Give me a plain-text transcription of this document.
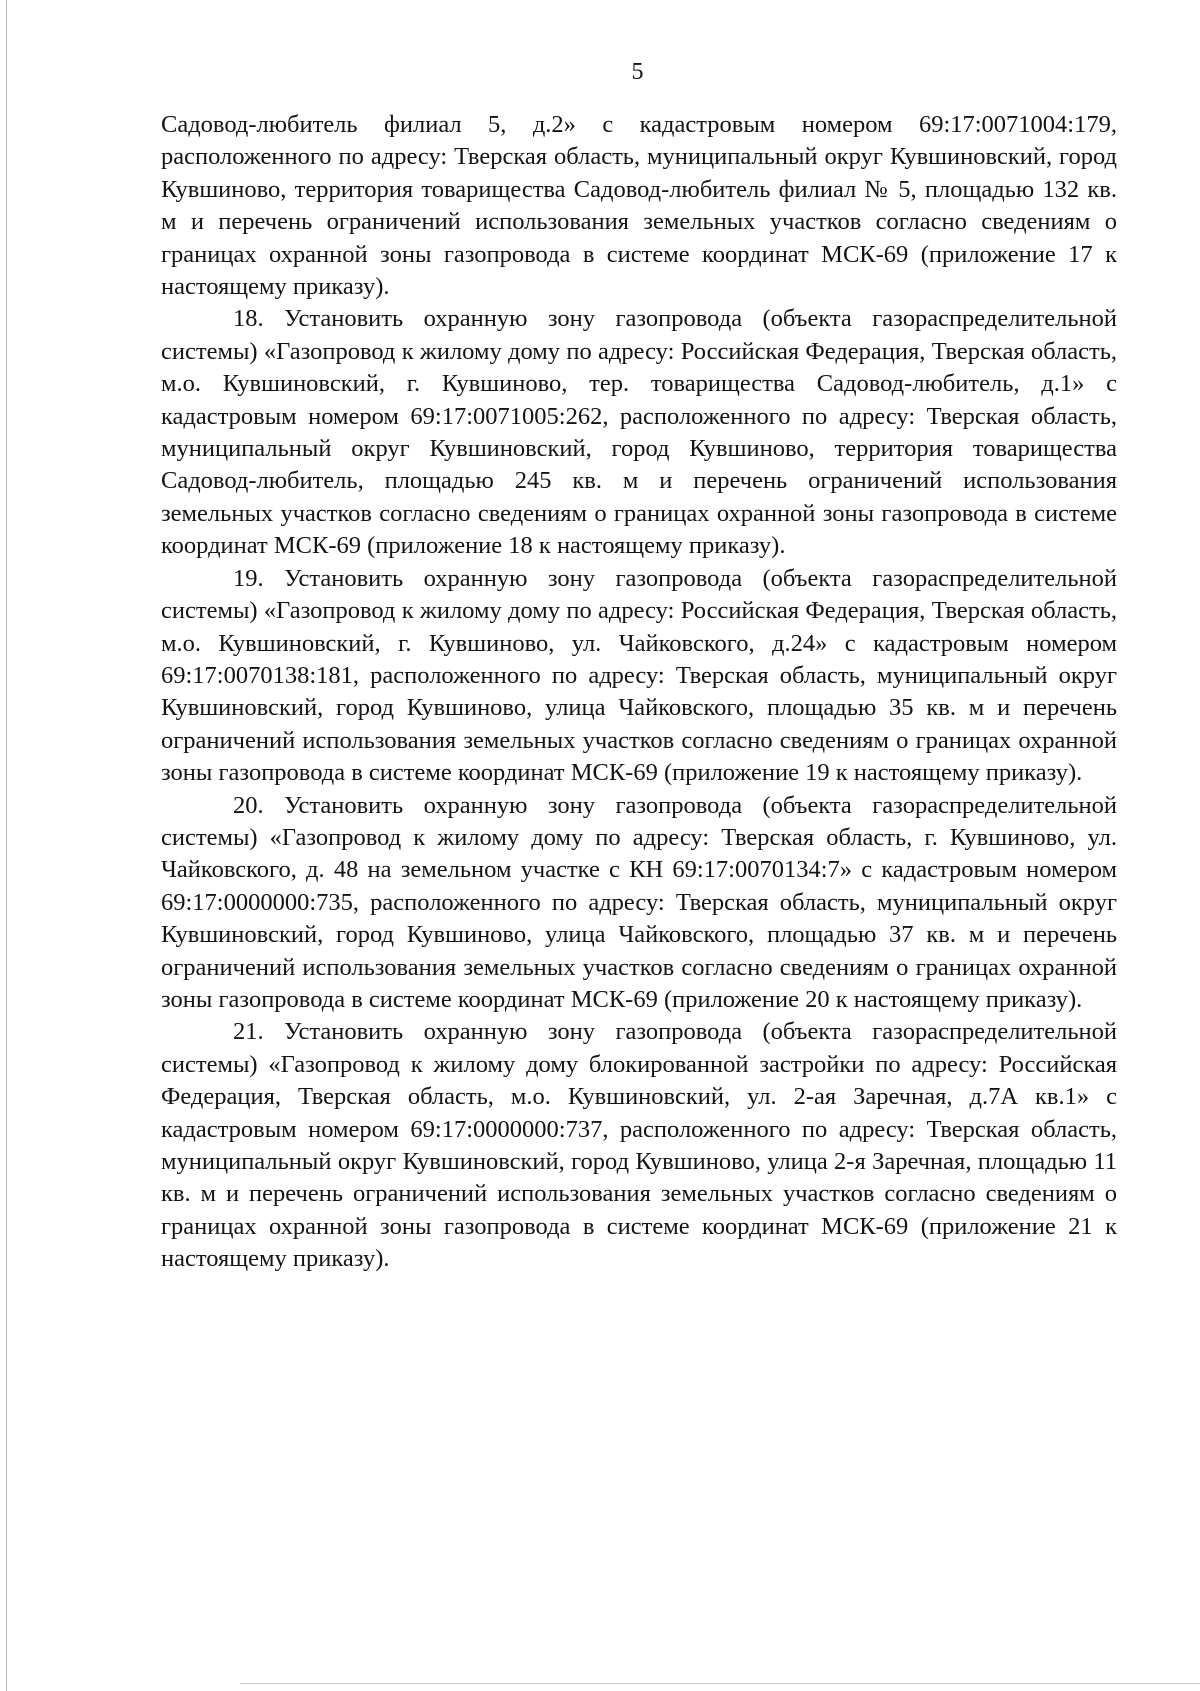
5

Садовод-любитель филиал 5, д.2» с кадастровым номером 69:17:0071004:179, расположенного по адресу: Тверская область, муниципальный округ Кувшиновский, город Кувшиново, территория товарищества Садовод-любитель филиал № 5, площадью 132 кв. м и перечень ограничений использования земельных участков согласно сведениям о границах охранной зоны газопровода в системе координат МСК-69 (приложение 17 к настоящему приказу).

18. Установить охранную зону газопровода (объекта газораспределительной системы) «Газопровод к жилому дому по адресу: Российская Федерация, Тверская область, м.о. Кувшиновский, г. Кувшиново, тер. товарищества Садовод-любитель, д.1» с кадастровым номером 69:17:0071005:262, расположенного по адресу: Тверская область, муниципальный округ Кувшиновский, город Кувшиново, территория товарищества Садовод-любитель, площадью 245 кв. м и перечень ограничений использования земельных участков согласно сведениям о границах охранной зоны газопровода в системе координат МСК-69 (приложение 18 к настоящему приказу).

19. Установить охранную зону газопровода (объекта газораспределительной системы) «Газопровод к жилому дому по адресу: Российская Федерация, Тверская область, м.о. Кувшиновский, г. Кувшиново, ул. Чайковского, д.24» с кадастровым номером 69:17:0070138:181, расположенного по адресу: Тверская область, муниципальный округ Кувшиновский, город Кувшиново, улица Чайковского, площадью 35 кв. м и перечень ограничений использования земельных участков согласно сведениям о границах охранной зоны газопровода в системе координат МСК-69 (приложение 19 к настоящему приказу).

20. Установить охранную зону газопровода (объекта газораспределительной системы) «Газопровод к жилому дому по адресу: Тверская область, г. Кувшиново, ул. Чайковского, д. 48 на земельном участке с КН 69:17:0070134:7» с кадастровым номером 69:17:0000000:735, расположенного по адресу: Тверская область, муниципальный округ Кувшиновский, город Кувшиново, улица Чайковского, площадью 37 кв. м и перечень ограничений использования земельных участков согласно сведениям о границах охранной зоны газопровода в системе координат МСК-69 (приложение 20 к настоящему приказу).

21. Установить охранную зону газопровода (объекта газораспределительной системы) «Газопровод к жилому дому блокированной застройки по адресу: Российская Федерация, Тверская область, м.о. Кувшиновский, ул. 2-ая Заречная, д.7А кв.1» с кадастровым номером 69:17:0000000:737, расположенного по адресу: Тверская область, муниципальный округ Кувшиновский, город Кувшиново, улица 2-я Заречная, площадью 11 кв. м и перечень ограничений использования земельных участков согласно сведениям о границах охранной зоны газопровода в системе координат МСК-69 (приложение 21 к настоящему приказу).
